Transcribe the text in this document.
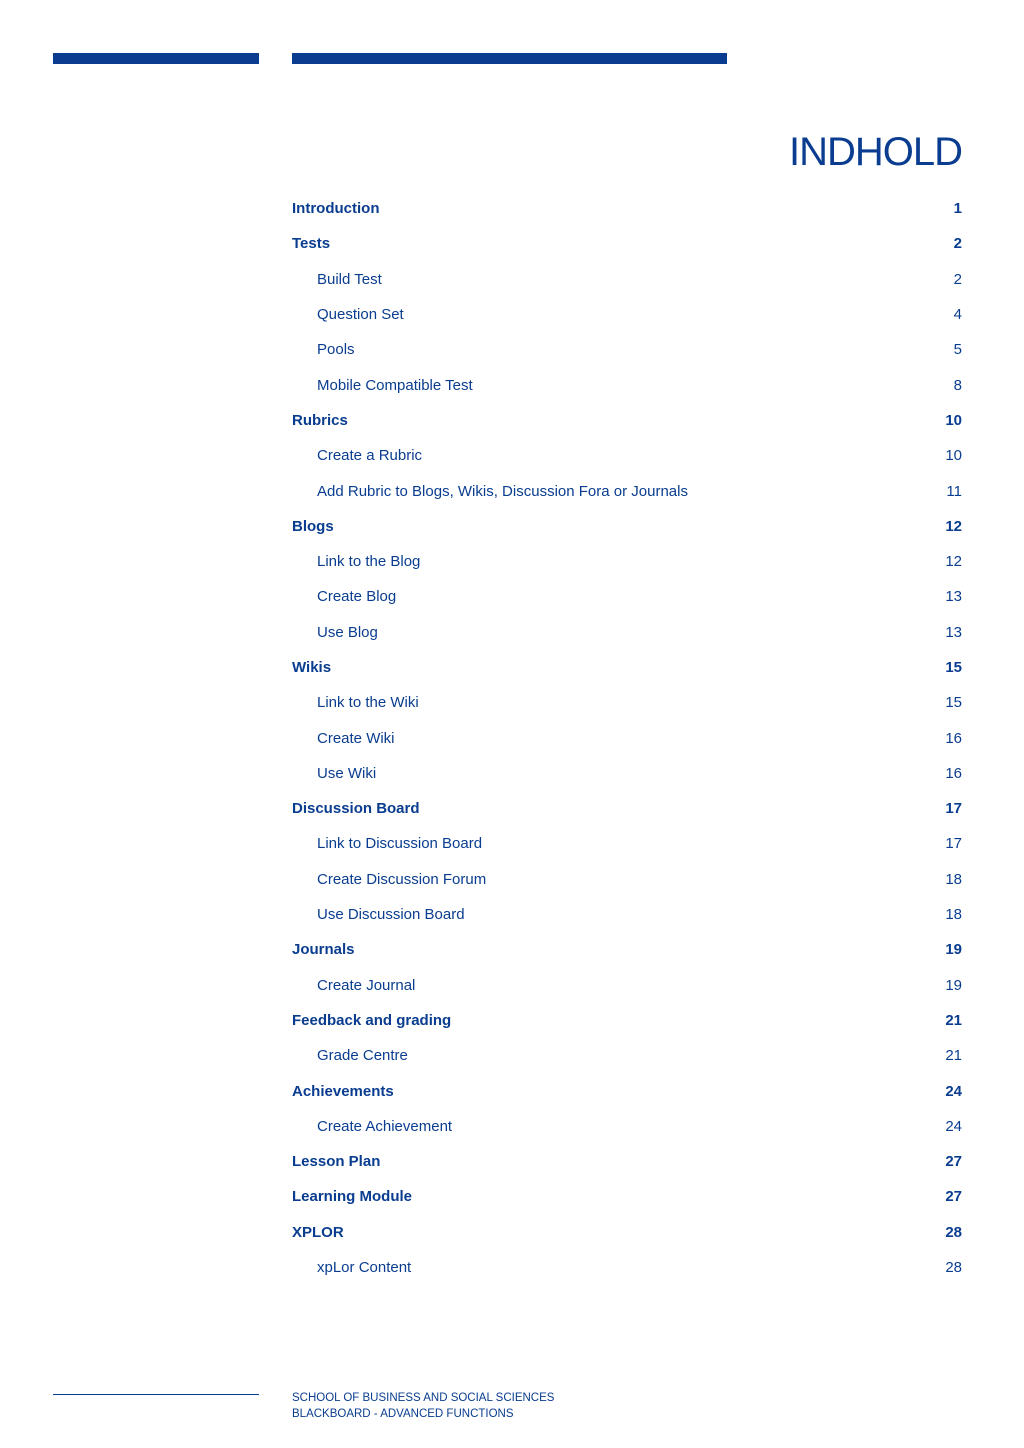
INDHOLD
Introduction	1
Tests	2
Build Test	2
Question Set	4
Pools	5
Mobile Compatible Test	8
Rubrics	10
Create a Rubric	10
Add Rubric to Blogs, Wikis, Discussion Fora or Journals	11
Blogs	12
Link to the Blog	12
Create Blog	13
Use Blog	13
Wikis	15
Link to the Wiki	15
Create Wiki	16
Use Wiki	16
Discussion Board	17
Link to Discussion Board	17
Create Discussion Forum	18
Use Discussion Board	18
Journals	19
Create Journal	19
Feedback and grading	21
Grade Centre	21
Achievements	24
Create Achievement	24
Lesson Plan	27
Learning Module	27
XPLOR	28
xpLor Content	28
SCHOOL OF BUSINESS AND SOCIAL SCIENCES
BLACKBOARD - ADVANCED FUNCTIONS
